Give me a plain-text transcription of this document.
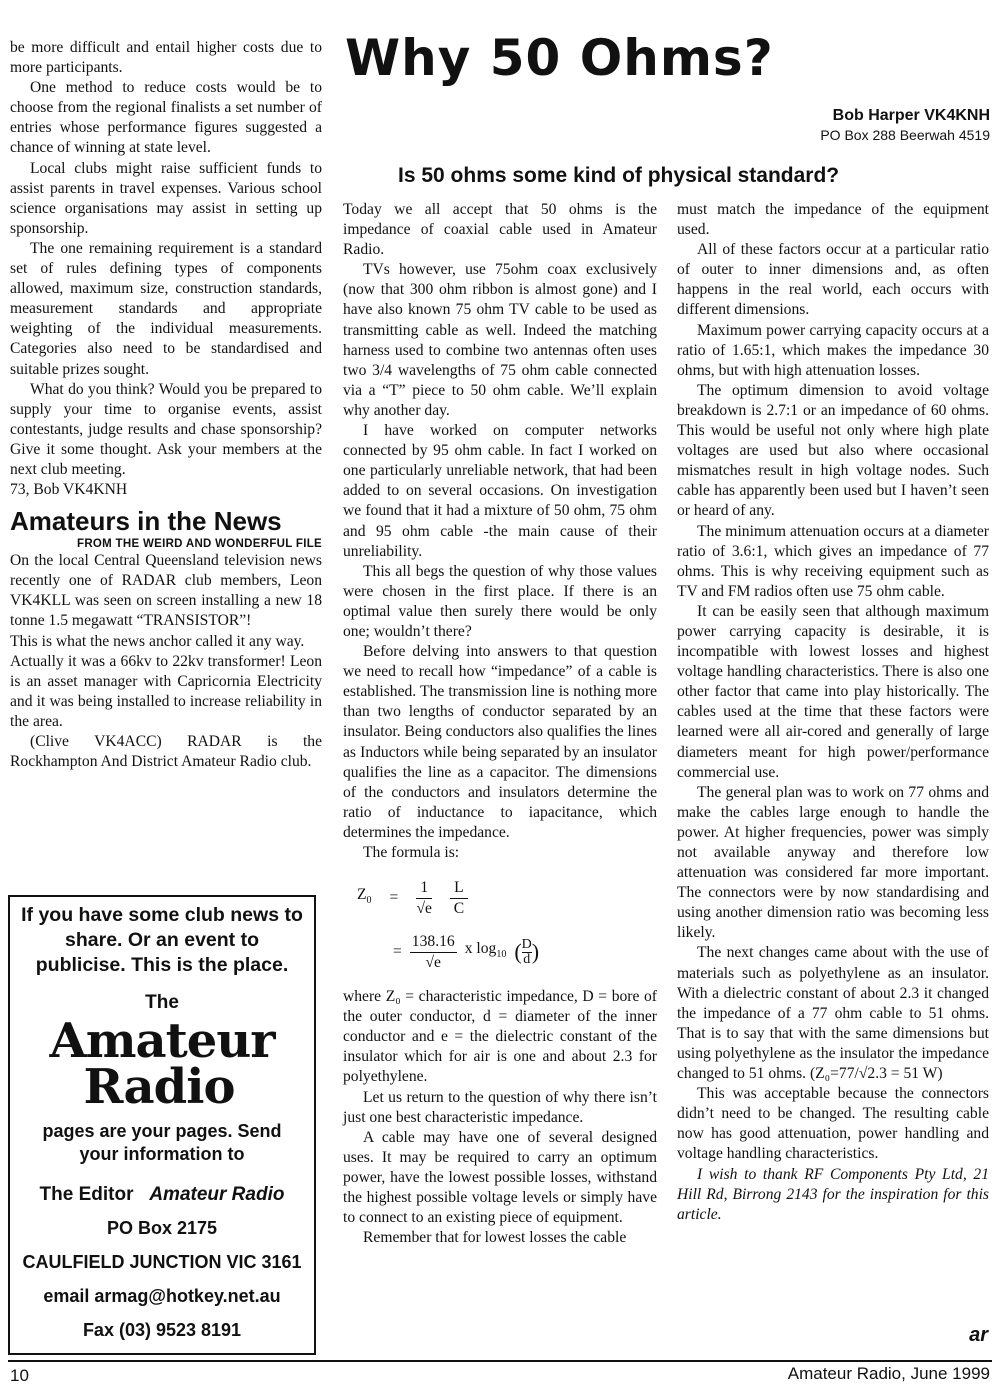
be more difficult and entail higher costs due to more participants.

One method to reduce costs would be to choose from the regional finalists a set number of entries whose performance figures suggested a chance of winning at state level.

Local clubs might raise sufficient funds to assist parents in travel expenses. Various school science organisations may assist in setting up sponsorship.

The one remaining requirement is a standard set of rules defining types of components allowed, maximum size, construction standards, measurement standards and appropriate weighting of the individual measurements. Categories also need to be standardised and suitable prizes sought.

What do you think? Would you be prepared to supply your time to organise events, assist contestants, judge results and chase sponsorship? Give it some thought. Ask your members at the next club meeting.

73, Bob VK4KNH

Amateurs in the News

FROM THE WEIRD AND WONDERFUL FILE

On the local Central Queensland television news recently one of RADAR club members, Leon VK4KLL was seen on screen installing a new 18 tonne 1.5 megawatt “TRANSISTOR”!

This is what the news anchor called it any way.

Actually it was a 66kv to 22kv transformer! Leon is an asset manager with Capricornia Electricity and it was being installed to increase reliability in the area.

(Clive VK4ACC) RADAR is the Rockhampton And District Amateur Radio club.

If you have some club news to share. Or an event to publicise. This is the place.
The
Amateur
Radio
pages are your pages. Send your information to
The Editor Amateur Radio
PO Box 2175
CAULFIELD JUNCTION VIC 3161
email armag@hotkey.net.au
Fax (03) 9523 8191
Why 50 Ohms?
Bob Harper VK4KNH
PO Box 288 Beerwah 4519
Is 50 ohms some kind of physical standard?

Today we all accept that 50 ohms is the impedance of coaxial cable used in Amateur Radio.

TVs however, use 75ohm coax exclusively (now that 300 ohm ribbon is almost gone) and I have also known 75 ohm TV cable to be used as transmitting cable as well. Indeed the matching harness used to combine two antennas often uses two 3/4 wavelengths of 75 ohm cable connected via a “T” piece to 50 ohm cable. We’ll explain why another day.

I have worked on computer networks connected by 95 ohm cable. In fact I worked on one particularly unreliable network, that had been added to on several occasions. On investigation we found that it had a mixture of 50 ohm, 75 ohm and 95 ohm cable -the main cause of their unreliability.

This all begs the question of why those values were chosen in the first place. If there is an optimal value then surely there would be only one; wouldn’t there?

Before delving into answers to that question we need to recall how “impedance” of a cable is established. The transmission line is nothing more than two lengths of conductor separated by an insulator. Being conductors also qualifies the lines as Inductors while being separated by an insulator qualifies the line as a capacitor. The dimensions of the conductors and insulators determine the ratio of inductance to iapacitance, which determines the impedance.

The formula is:

$Z_0 = \frac{1}{√e}$ L
C
= $\frac{138.16}{√e}$ x $\log_{10}$ ( D
d )

where Z₀ = characteristic impedance, D = bore of the outer conductor, d = diameter of the inner conductor and e = the dielectric constant of the insulator which for air is one and about 2.3 for polyethylene.

Let us return to the question of why there isn’t just one best characteristic impedance.

A cable may have one of several designed uses. It may be required to carry an optimum power, have the lowest possible losses, withstand the highest possible voltage levels or simply have to connect to an existing piece of equipment.

Remember that for lowest losses the cable

must match the impedance of the equipment used.

All of these factors occur at a particular ratio of outer to inner dimensions and, as often happens in the real world, each occurs with different dimensions.

Maximum power carrying capacity occurs at a ratio of 1.65:1, which makes the impedance 30 ohms, but with high attenuation losses.

The optimum dimension to avoid voltage breakdown is 2.7:1 or an impedance of 60 ohms. This would be useful not only where high plate voltages are used but also where occasional mismatches result in high voltage nodes. Such cable has apparently been used but I haven’t seen or heard of any.

The minimum attenuation occurs at a diameter ratio of 3.6:1, which gives an impedance of 77 ohms. This is why receiving equipment such as TV and FM radios often use 75 ohm cable.

It can be easily seen that although maximum power carrying capacity is desirable, it is incompatible with lowest losses and highest voltage handling characteristics. There is also one other factor that came into play historically. The cables used at the time that these factors were learned were all air-cored and generally of large diameters meant for high power/performance commercial use.

The general plan was to work on 77 ohms and make the cables large enough to handle the power. At higher frequencies, power was simply not available anyway and therefore low attenuation was considered far more important. The connectors were by now standardising and using another dimension ratio was becoming less likely.

The next changes came about with the use of materials such as polyethylene as an insulator. With a dielectric constant of about 2.3 it changed the impedance of a 77 ohm cable to 51 ohms. That is to say that with the same dimensions but using polyethylene as the insulator the impedance changed to 51 ohms. (Z₀=77/√2.3 = 51 W)

This was acceptable because the connectors didn’t need to be changed. The resulting cable now has good attenuation, power handling and voltage handling characteristics.

I wish to thank RF Components Pty Ltd, 21 Hill Rd, Birrong 2143 for the inspiration for this article.

ar
10	Amateur Radio, June 1999
